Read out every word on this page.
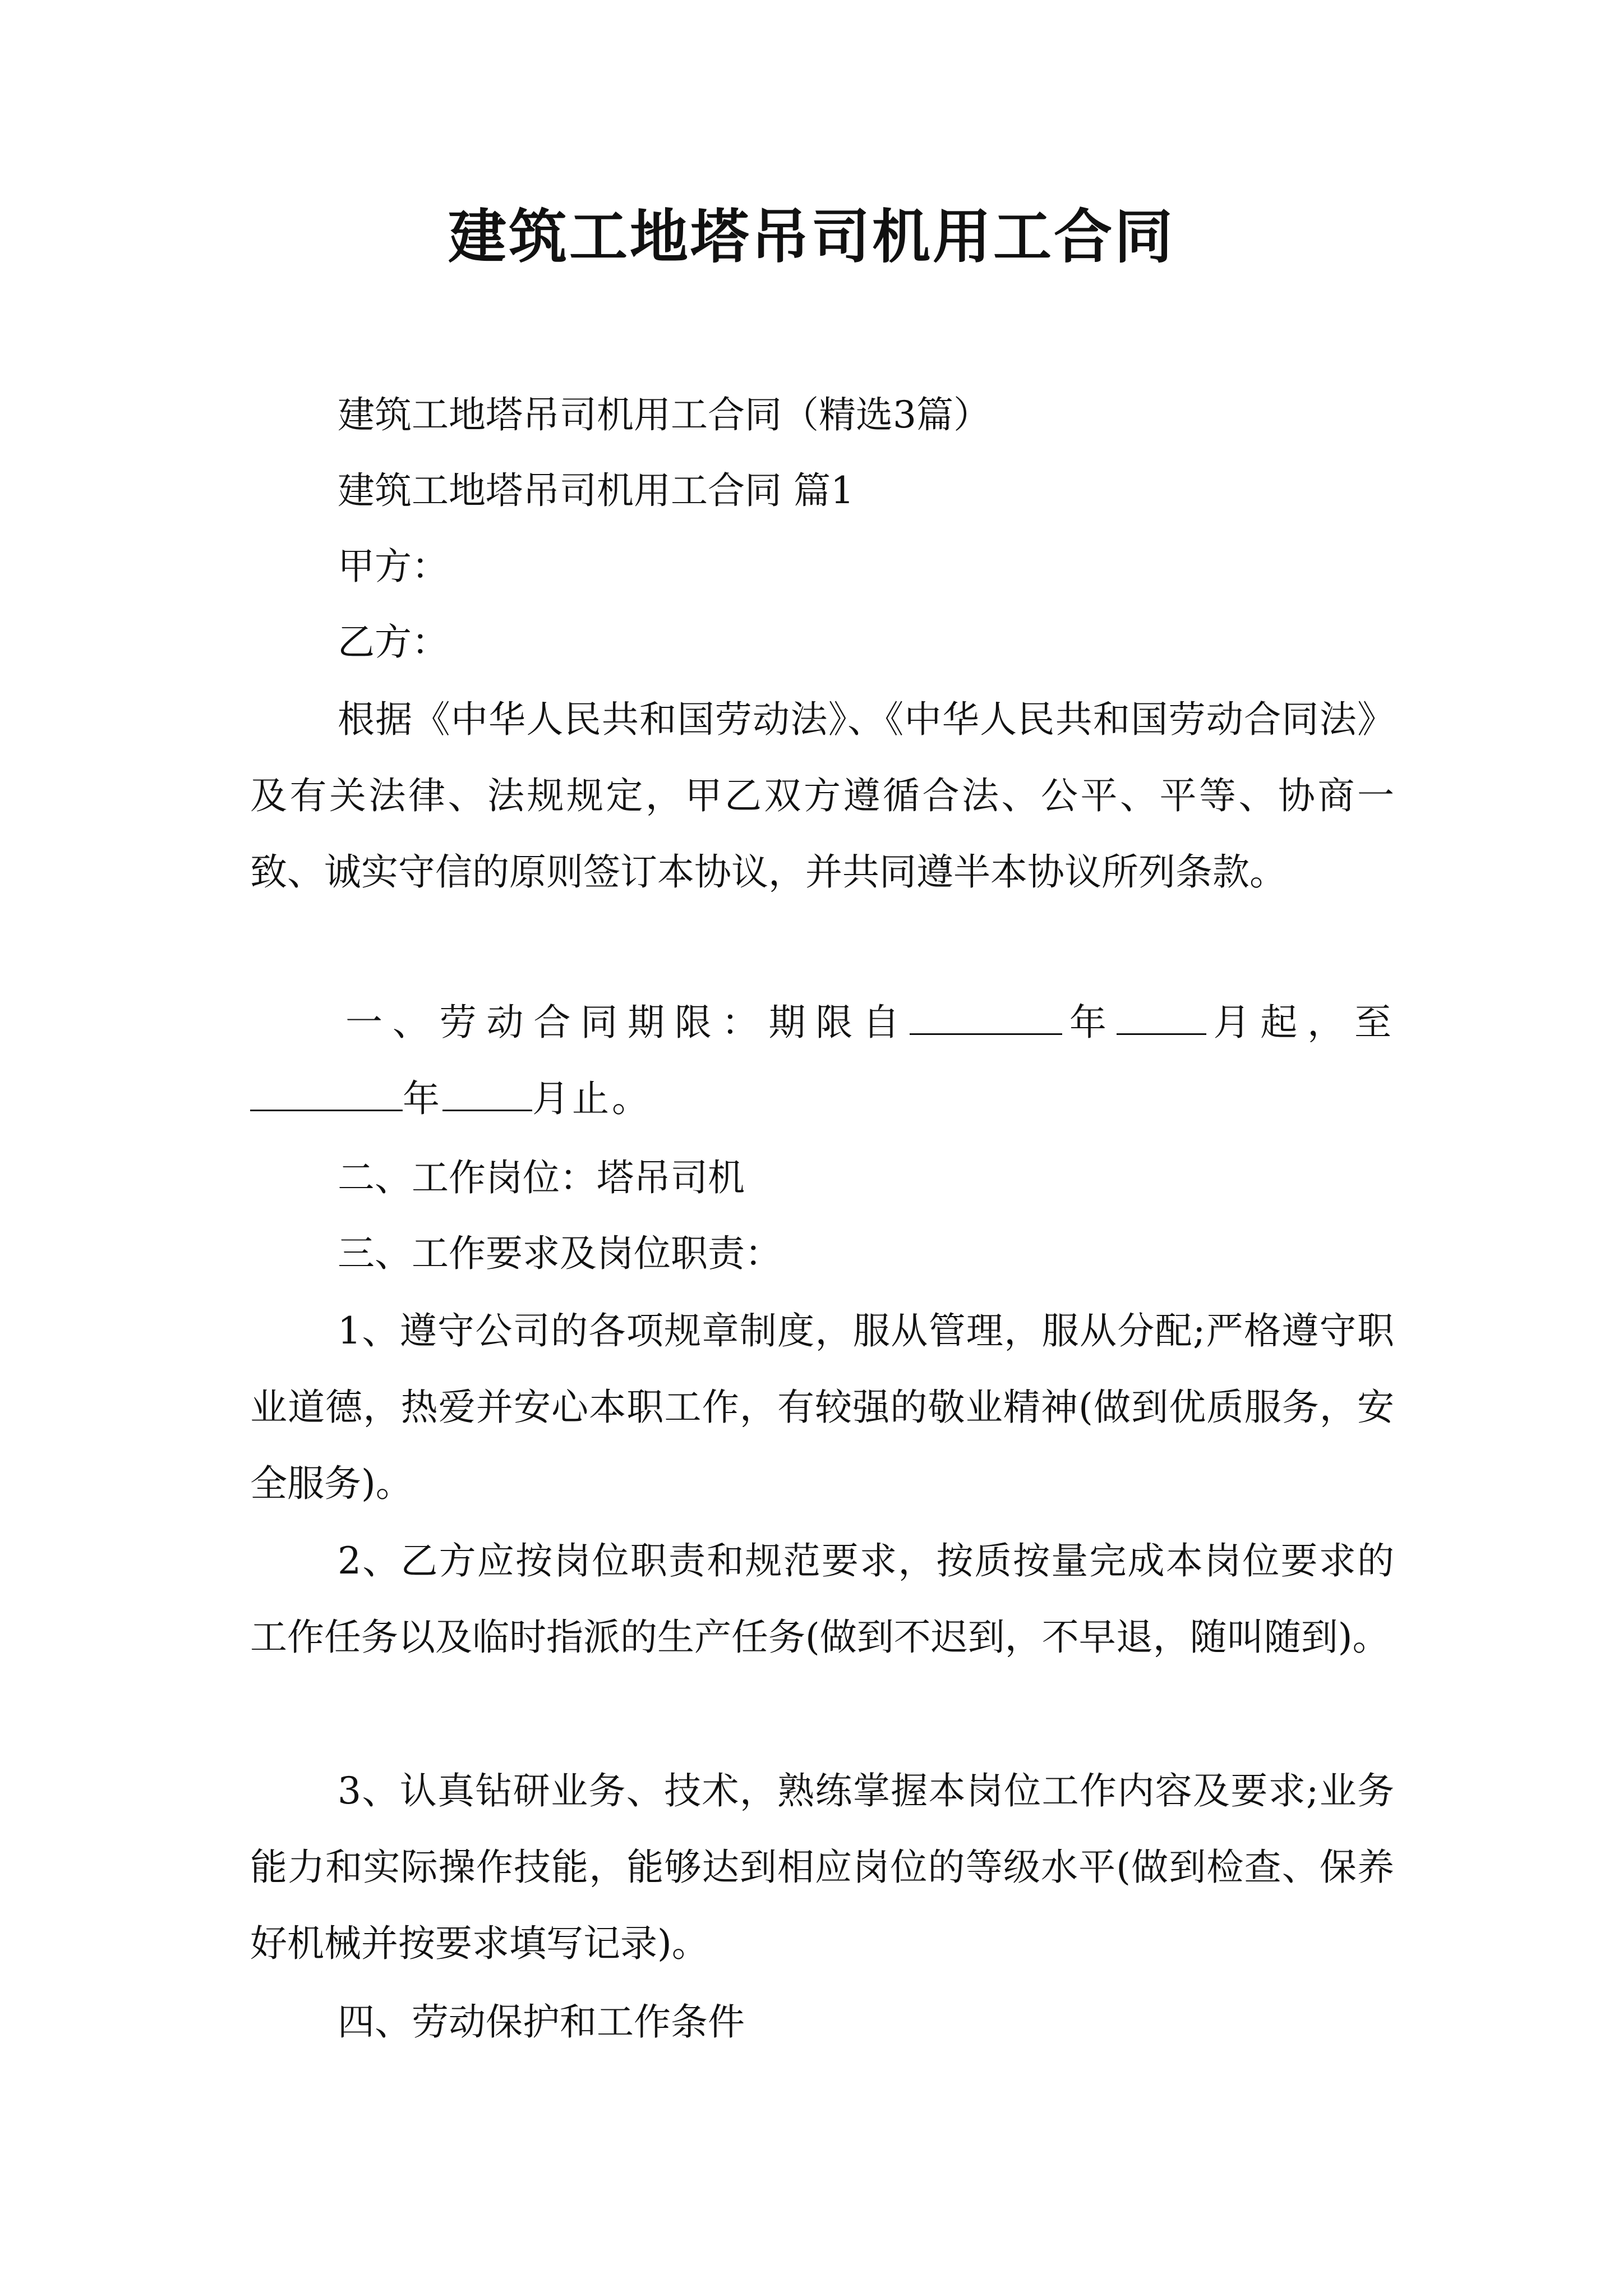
建筑工地塔吊司机用工合同
建筑工地塔吊司机用工合同（精选3篇）
建筑工地塔吊司机用工合同 篇1
甲方：
乙方：
根据《中华人民共和国劳动法》、《中华人民共和国劳动合同法》及有关法律、法规规定，甲乙双方遵循合法、公平、平等、协商一致、诚实守信的原则签订本协议，并共同遵半本协议所列条款。
一、劳动合同期限：期限自	年 月起，至年 月止。
二、工作岗位：塔吊司机
三、工作要求及岗位职责：
1、遵守公司的各项规章制度，服从管理，服从分配;严格遵守职业道德，热爱并安心本职工作，有较强的敬业精神(做到优质服务，安全服务)。
2、乙方应按岗位职责和规范要求，按质按量完成本岗位要求的工作任务以及临时指派的生产任务(做到不迟到，不早退，随叫随到)。
3、认真钻研业务、技术，熟练掌握本岗位工作内容及要求;业务能力和实际操作技能，能够达到相应岗位的等级水平(做到检查、保养好机械并按要求填写记录)。
四、劳动保护和工作条件
